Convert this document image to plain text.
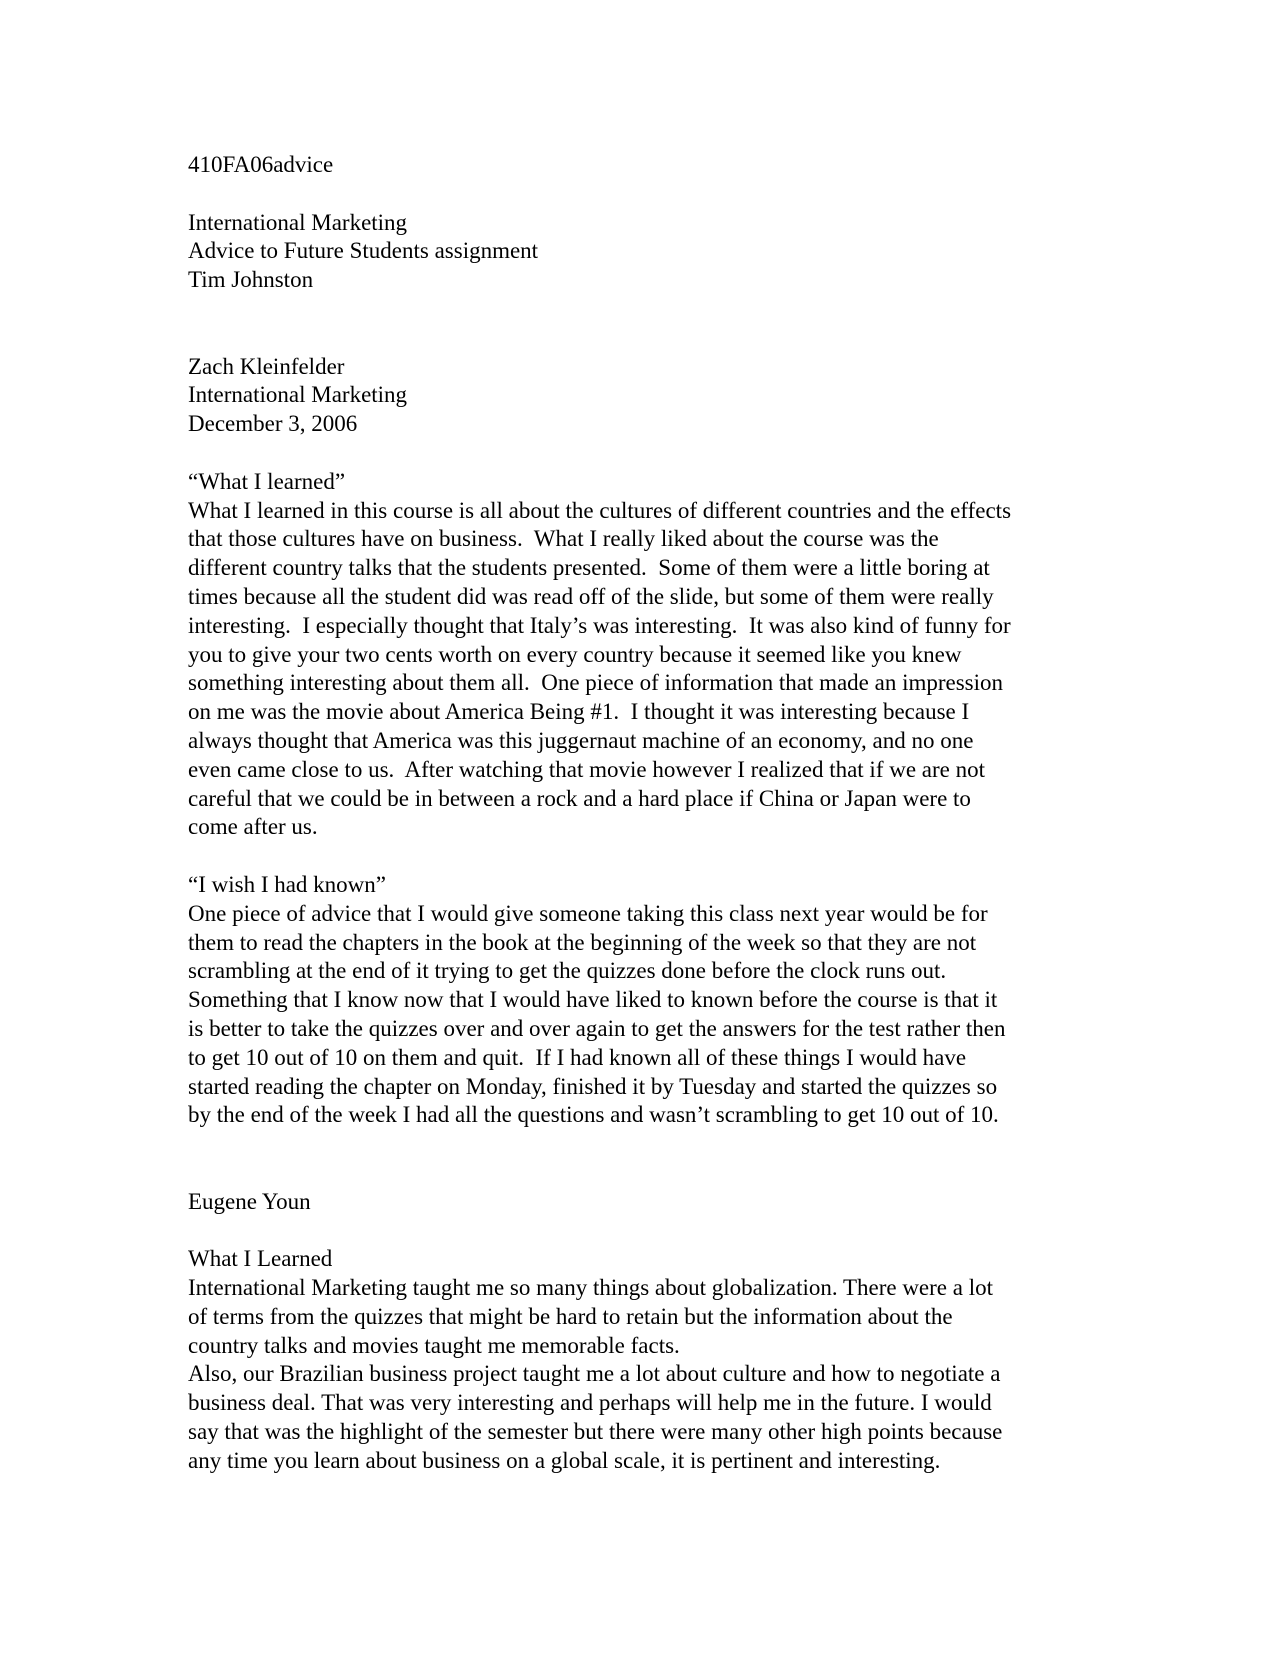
410FA06advice
International Marketing
Advice to Future Students assignment
Tim Johnston
Zach Kleinfelder
International Marketing
December 3, 2006
“What I learned”
What I learned in this course is all about the cultures of different countries and the effects
that those cultures have on business.  What I really liked about the course was the
different country talks that the students presented.  Some of them were a little boring at
times because all the student did was read off of the slide, but some of them were really
interesting.  I especially thought that Italy’s was interesting.  It was also kind of funny for
you to give your two cents worth on every country because it seemed like you knew
something interesting about them all.  One piece of information that made an impression
on me was the movie about America Being #1.  I thought it was interesting because I
always thought that America was this juggernaut machine of an economy, and no one
even came close to us.  After watching that movie however I realized that if we are not
careful that we could be in between a rock and a hard place if China or Japan were to
come after us.
“I wish I had known”
One piece of advice that I would give someone taking this class next year would be for
them to read the chapters in the book at the beginning of the week so that they are not
scrambling at the end of it trying to get the quizzes done before the clock runs out.
Something that I know now that I would have liked to known before the course is that it
is better to take the quizzes over and over again to get the answers for the test rather then
to get 10 out of 10 on them and quit.  If I had known all of these things I would have
started reading the chapter on Monday, finished it by Tuesday and started the quizzes so
by the end of the week I had all the questions and wasn’t scrambling to get 10 out of 10.
Eugene Youn
What I Learned
International Marketing taught me so many things about globalization. There were a lot
of terms from the quizzes that might be hard to retain but the information about the
country talks and movies taught me memorable facts.
Also, our Brazilian business project taught me a lot about culture and how to negotiate a
business deal. That was very interesting and perhaps will help me in the future. I would
say that was the highlight of the semester but there were many other high points because
any time you learn about business on a global scale, it is pertinent and interesting.
